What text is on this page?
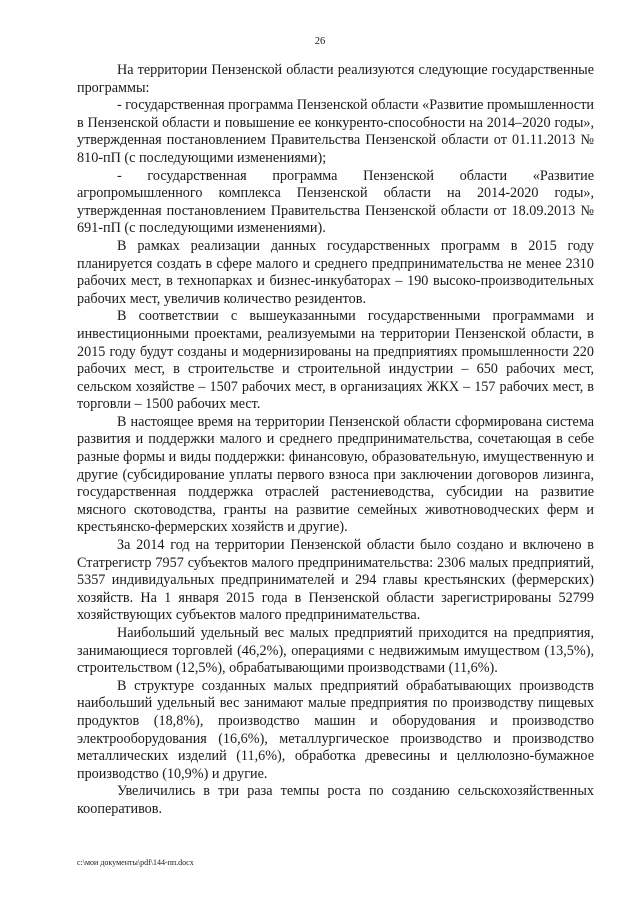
26

На территории Пензенской области реализуются следующие государственные программы:

- государственная программа Пензенской области «Развитие промышленности в Пензенской области и повышение ее конкуренто-способности на 2014–2020 годы», утвержденная постановлением Правительства Пензенской области от 01.11.2013 № 810-пП (с последующими изменениями);

- государственная программа Пензенской области «Развитие агропромышленного комплекса Пензенской области на 2014-2020 годы», утвержденная постановлением Правительства Пензенской области от 18.09.2013 № 691-пП (с последующими изменениями).

В рамках реализации данных государственных программ в 2015 году планируется создать в сфере малого и среднего предпринимательства не менее 2310 рабочих мест, в технопарках и бизнес-инкубаторах – 190 высоко-производительных рабочих мест, увеличив количество резидентов.

В соответствии с вышеуказанными государственными программами и инвестиционными проектами, реализуемыми на территории Пензенской области, в 2015 году будут созданы и модернизированы на предприятиях промышленности 220 рабочих мест, в строительстве и строительной индустрии – 650 рабочих мест, сельском хозяйстве – 1507 рабочих мест, в организациях ЖКХ – 157 рабочих мест, в торговли – 1500 рабочих мест.

В настоящее время на территории Пензенской области сформирована система развития и поддержки малого и среднего предпринимательства, сочетающая в себе разные формы и виды поддержки: финансовую, образовательную, имущественную и другие (субсидирование уплаты первого взноса при заключении договоров лизинга, государственная поддержка отраслей растениеводства, субсидии на развитие мясного скотоводства, гранты на развитие семейных животноводческих ферм и крестьянско-фермерских хозяйств и другие).

За 2014 год на территории Пензенской области было создано и включено в Статрегистр 7957 субъектов малого предпринимательства: 2306 малых предприятий, 5357 индивидуальных предпринимателей и 294 главы крестьянских (фермерских) хозяйств. На 1 января 2015 года в Пензенской области зарегистрированы 52799 хозяйствующих субъектов малого предпринимательства.

Наибольший удельный вес малых предприятий приходится на предприятия, занимающиеся торговлей (46,2%), операциями с недвижимым имуществом (13,5%), строительством (12,5%), обрабатывающими производствами (11,6%).

В структуре созданных малых предприятий обрабатывающих производств наибольший удельный вес занимают малые предприятия по производству пищевых продуктов (18,8%), производство машин и оборудования и производство электрооборудования (16,6%), металлургическое производство и производство металлических изделий (11,6%), обработка древесины и целлюлозно-бумажное производство (10,9%) и другие.

Увеличились в три раза темпы роста по созданию сельскохозяйственных кооперативов.

c:\мои документы\pdf\144-пп.docx
